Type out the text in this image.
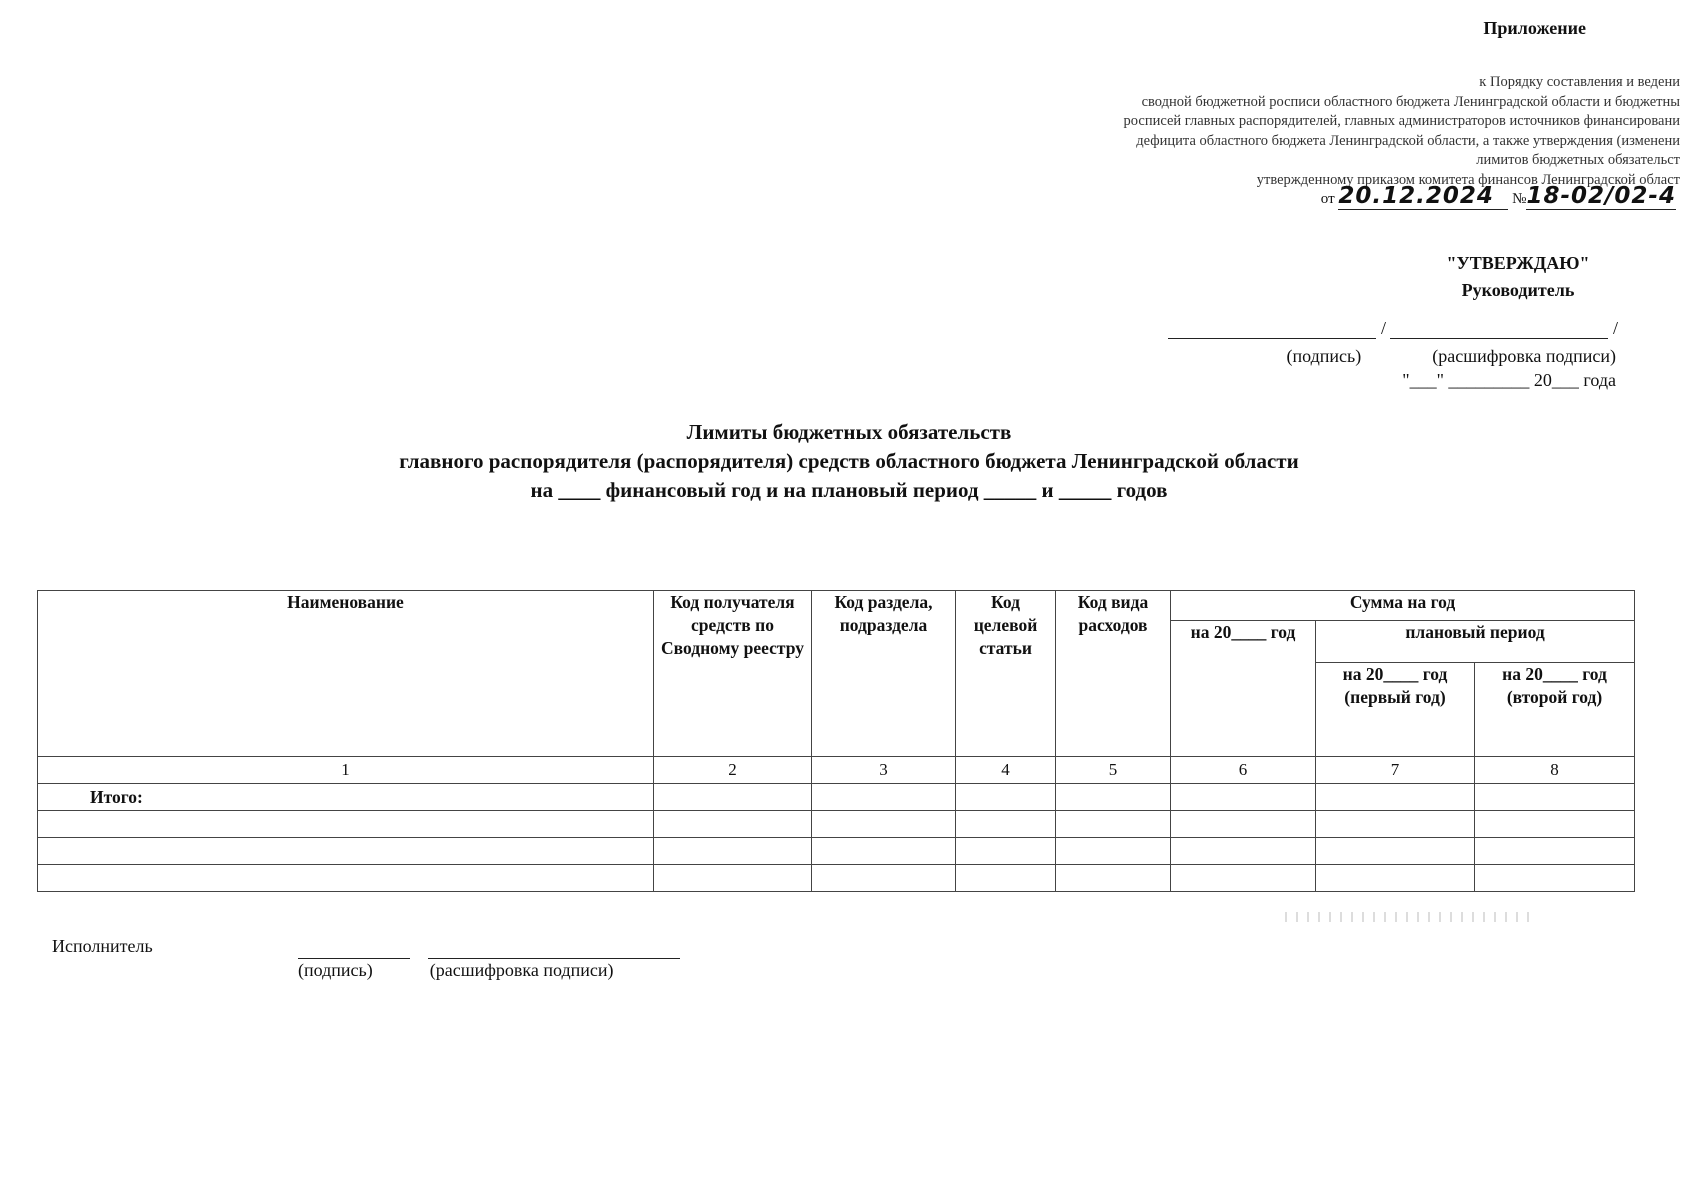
Приложение
к Порядку составления и ведени
сводной бюджетной росписи областного бюджета Ленинградской области и бюджетны
росписей главных распорядителей, главных администраторов источников финансировани
дефицита областного бюджета Ленинградской области, а также утверждения (изменени
лимитов бюджетных обязательст
утвержденному приказом комитета финансов Ленинградской област
от 20.12.2024 №18-02/02-4
"УТВЕРЖДАЮ"
Руководитель
/	/
(подпись)	(расшифровка подписи)
"___" _________ 20___ года
Лимиты бюджетных обязательств
главного распорядителя (распорядителя) средств областного бюджета Ленинградской области
на ____ финансовый год и на плановый период _____ и _____ годов
Наименование	Код получателя средств по Сводному реестру	Код раздела, подраздела	Код целевой статьи	Код вида расходов	Сумма на год		
					на 20____ год	плановый период	
						на 20____ год (первый год)	на 20____ год (второй год)
1	2	3	4	5	6	7	8
Итого:							

Исполнитель
(подпись)	(расшифровка подписи)
